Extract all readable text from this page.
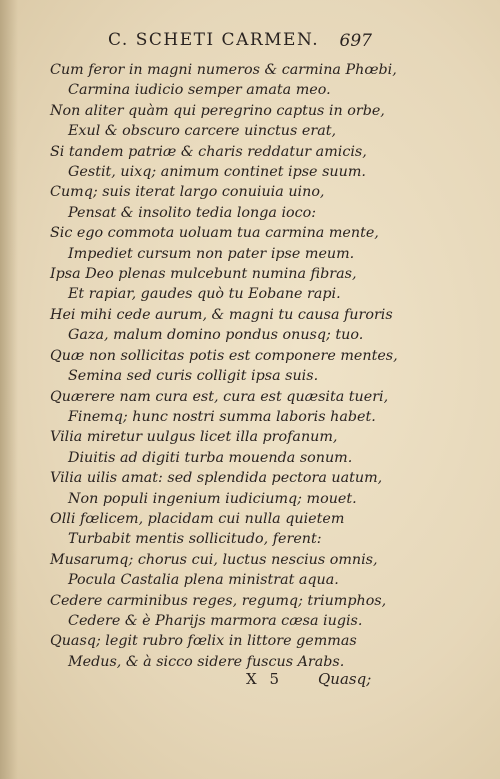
C. SCHETI CARMEN. 697
Cum feror in magni numeros & carmina Phœbi,
Carmina iudicio semper amata meo.
Non aliter quàm qui peregrino captus in orbe,
Exul & obscuro carcere uinctus erat,
Si tandem patriæ & charis reddatur amicis,
Gestit, uixq; animum continet ipse suum.
Cumq; suis iterat largo conuiuia uino,
Pensat & insolito tedia longa ioco:
Sic ego commota uoluam tua carmina mente,
Impediet cursum non pater ipse meum.
Ipsa Deo plenas mulcebunt numina fibras,
Et rapiar, gaudes quò tu Eobane rapi.
Hei mihi cede aurum, & magni tu causa furoris
Gaza, malum domino pondus onusq; tuo.
Quæ non sollicitas potis est componere mentes,
Semina sed curis colligit ipsa suis.
Quærere nam cura est, cura est quæsita tueri,
Finemq; hunc nostri summa laboris habet.
Vilia miretur uulgus licet illa profanum,
Diuitis ad digiti turba mouenda sonum.
Vilia uilis amat: sed splendida pectora uatum,
Non populi ingenium iudiciumq; mouet.
Olli fœlicem, placidam cui nulla quietem
Turbabit mentis sollicitudo, ferent:
Musarumq; chorus cui, luctus nescius omnis,
Pocula Castalia plena ministrat aqua.
Cedere carminibus reges, regumq; triumphos,
Cedere & è Pharijs marmora cæsa iugis.
Quasq; legit rubro fœlix in littore gemmas
Medus, & à sicco sidere fuscus Arabs.
X 5 Quasq;
